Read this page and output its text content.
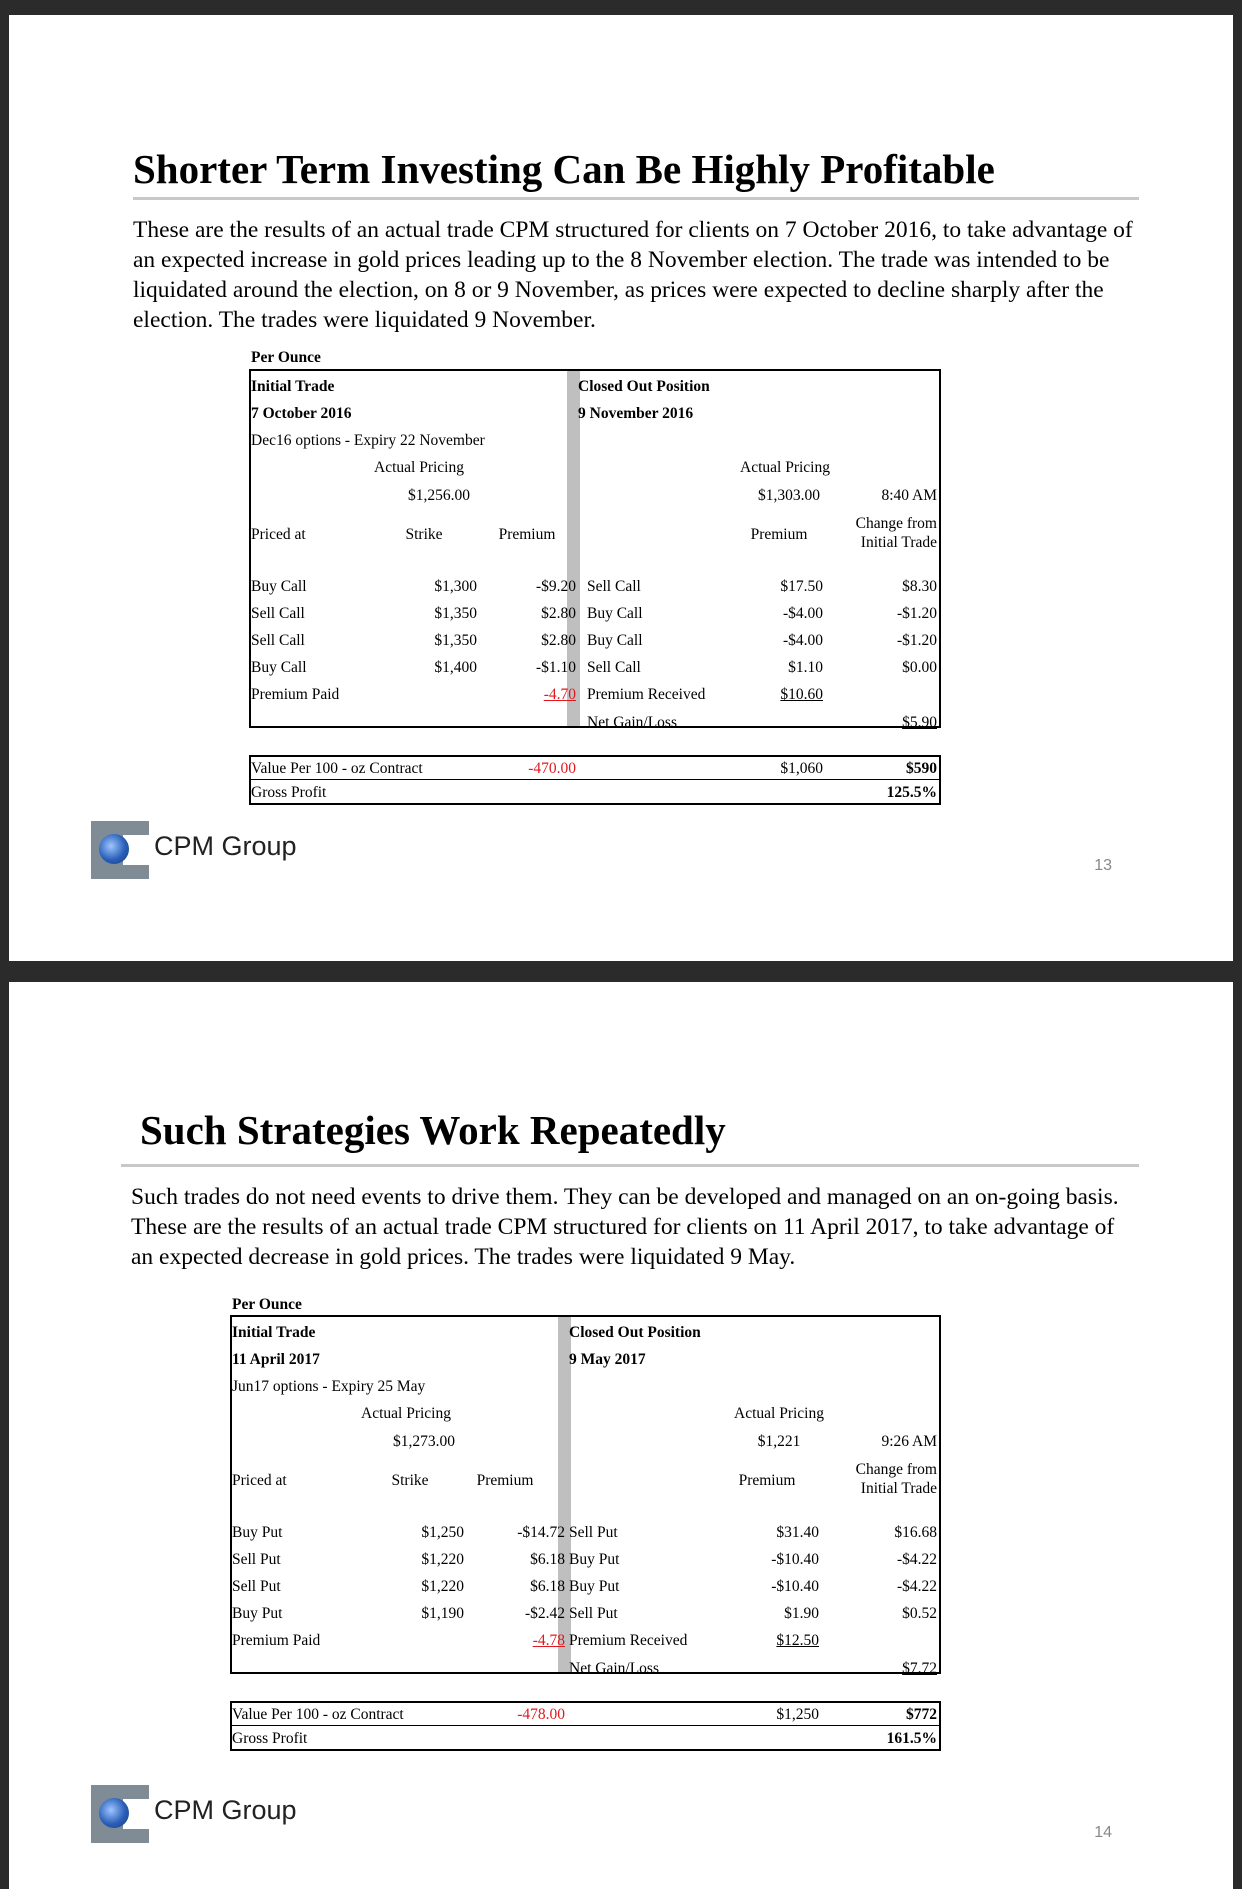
Shorter Term Investing Can Be Highly Profitable

These are the results of an actual trade CPM structured for clients on 7 October 2016, to take advantage of an expected increase in gold prices leading up to the 8 November election. The trade was intended to be liquidated around the election, on 8 or 9 November, as prices were expected to decline sharply after the election. The trades were liquidated 9 November.

Per Ounce
Initial Trade
7 October 2016
Dec16 options - Expiry 22 November
Closed Out Position
9 November 2016
Actual Pricing
$1,256.00
Actual Pricing
$1,303.00	8:40 AM
Priced at	Strike	Premium	Premium
Change from
Initial Trade
Buy Call	$1,300	-$9.20 Sell Call	$17.50	$8.30
Sell Call	$1,350	$2.80 Buy Call	-$4.00	-$1.20
Sell Call	$1,350	$2.80 Buy Call	-$4.00	-$1.20
Buy Call	$1,400	-$1.10 Sell Call	$1.10	$0.00
Premium Paid	-4.70 Premium Received	$10.60
Net Gain/Loss	$5.90
Value Per 100 - oz Contract	-470.00	$1,060	$590
Gross Profit	125.5%
CPM Group
13
Such Strategies Work Repeatedly

Such trades do not need events to drive them. They can be developed and managed on an on-going basis. These are the results of an actual trade CPM structured for clients on 11 April 2017, to take advantage of an expected decrease in gold prices. The trades were liquidated 9 May.

Per Ounce
Initial Trade
11 April 2017
Jun17 options - Expiry 25 May
Closed Out Position
9 May 2017
Actual Pricing
$1,273.00
Actual Pricing
$1,221	9:26 AM
Priced at	Strike	Premium	Premium
Change from
Initial Trade
Buy Put	$1,250	-$14.72 Sell Put	$31.40	$16.68
Sell Put	$1,220	$6.18 Buy Put	-$10.40	-$4.22
Sell Put	$1,220	$6.18 Buy Put	-$10.40	-$4.22
Buy Put	$1,190	-$2.42 Sell Put	$1.90	$0.52
Premium Paid	-4.78 Premium Received	$12.50
Net Gain/Loss	$7.72
Value Per 100 - oz Contract	-478.00	$1,250	$772
Gross Profit	161.5%
CPM Group
14
